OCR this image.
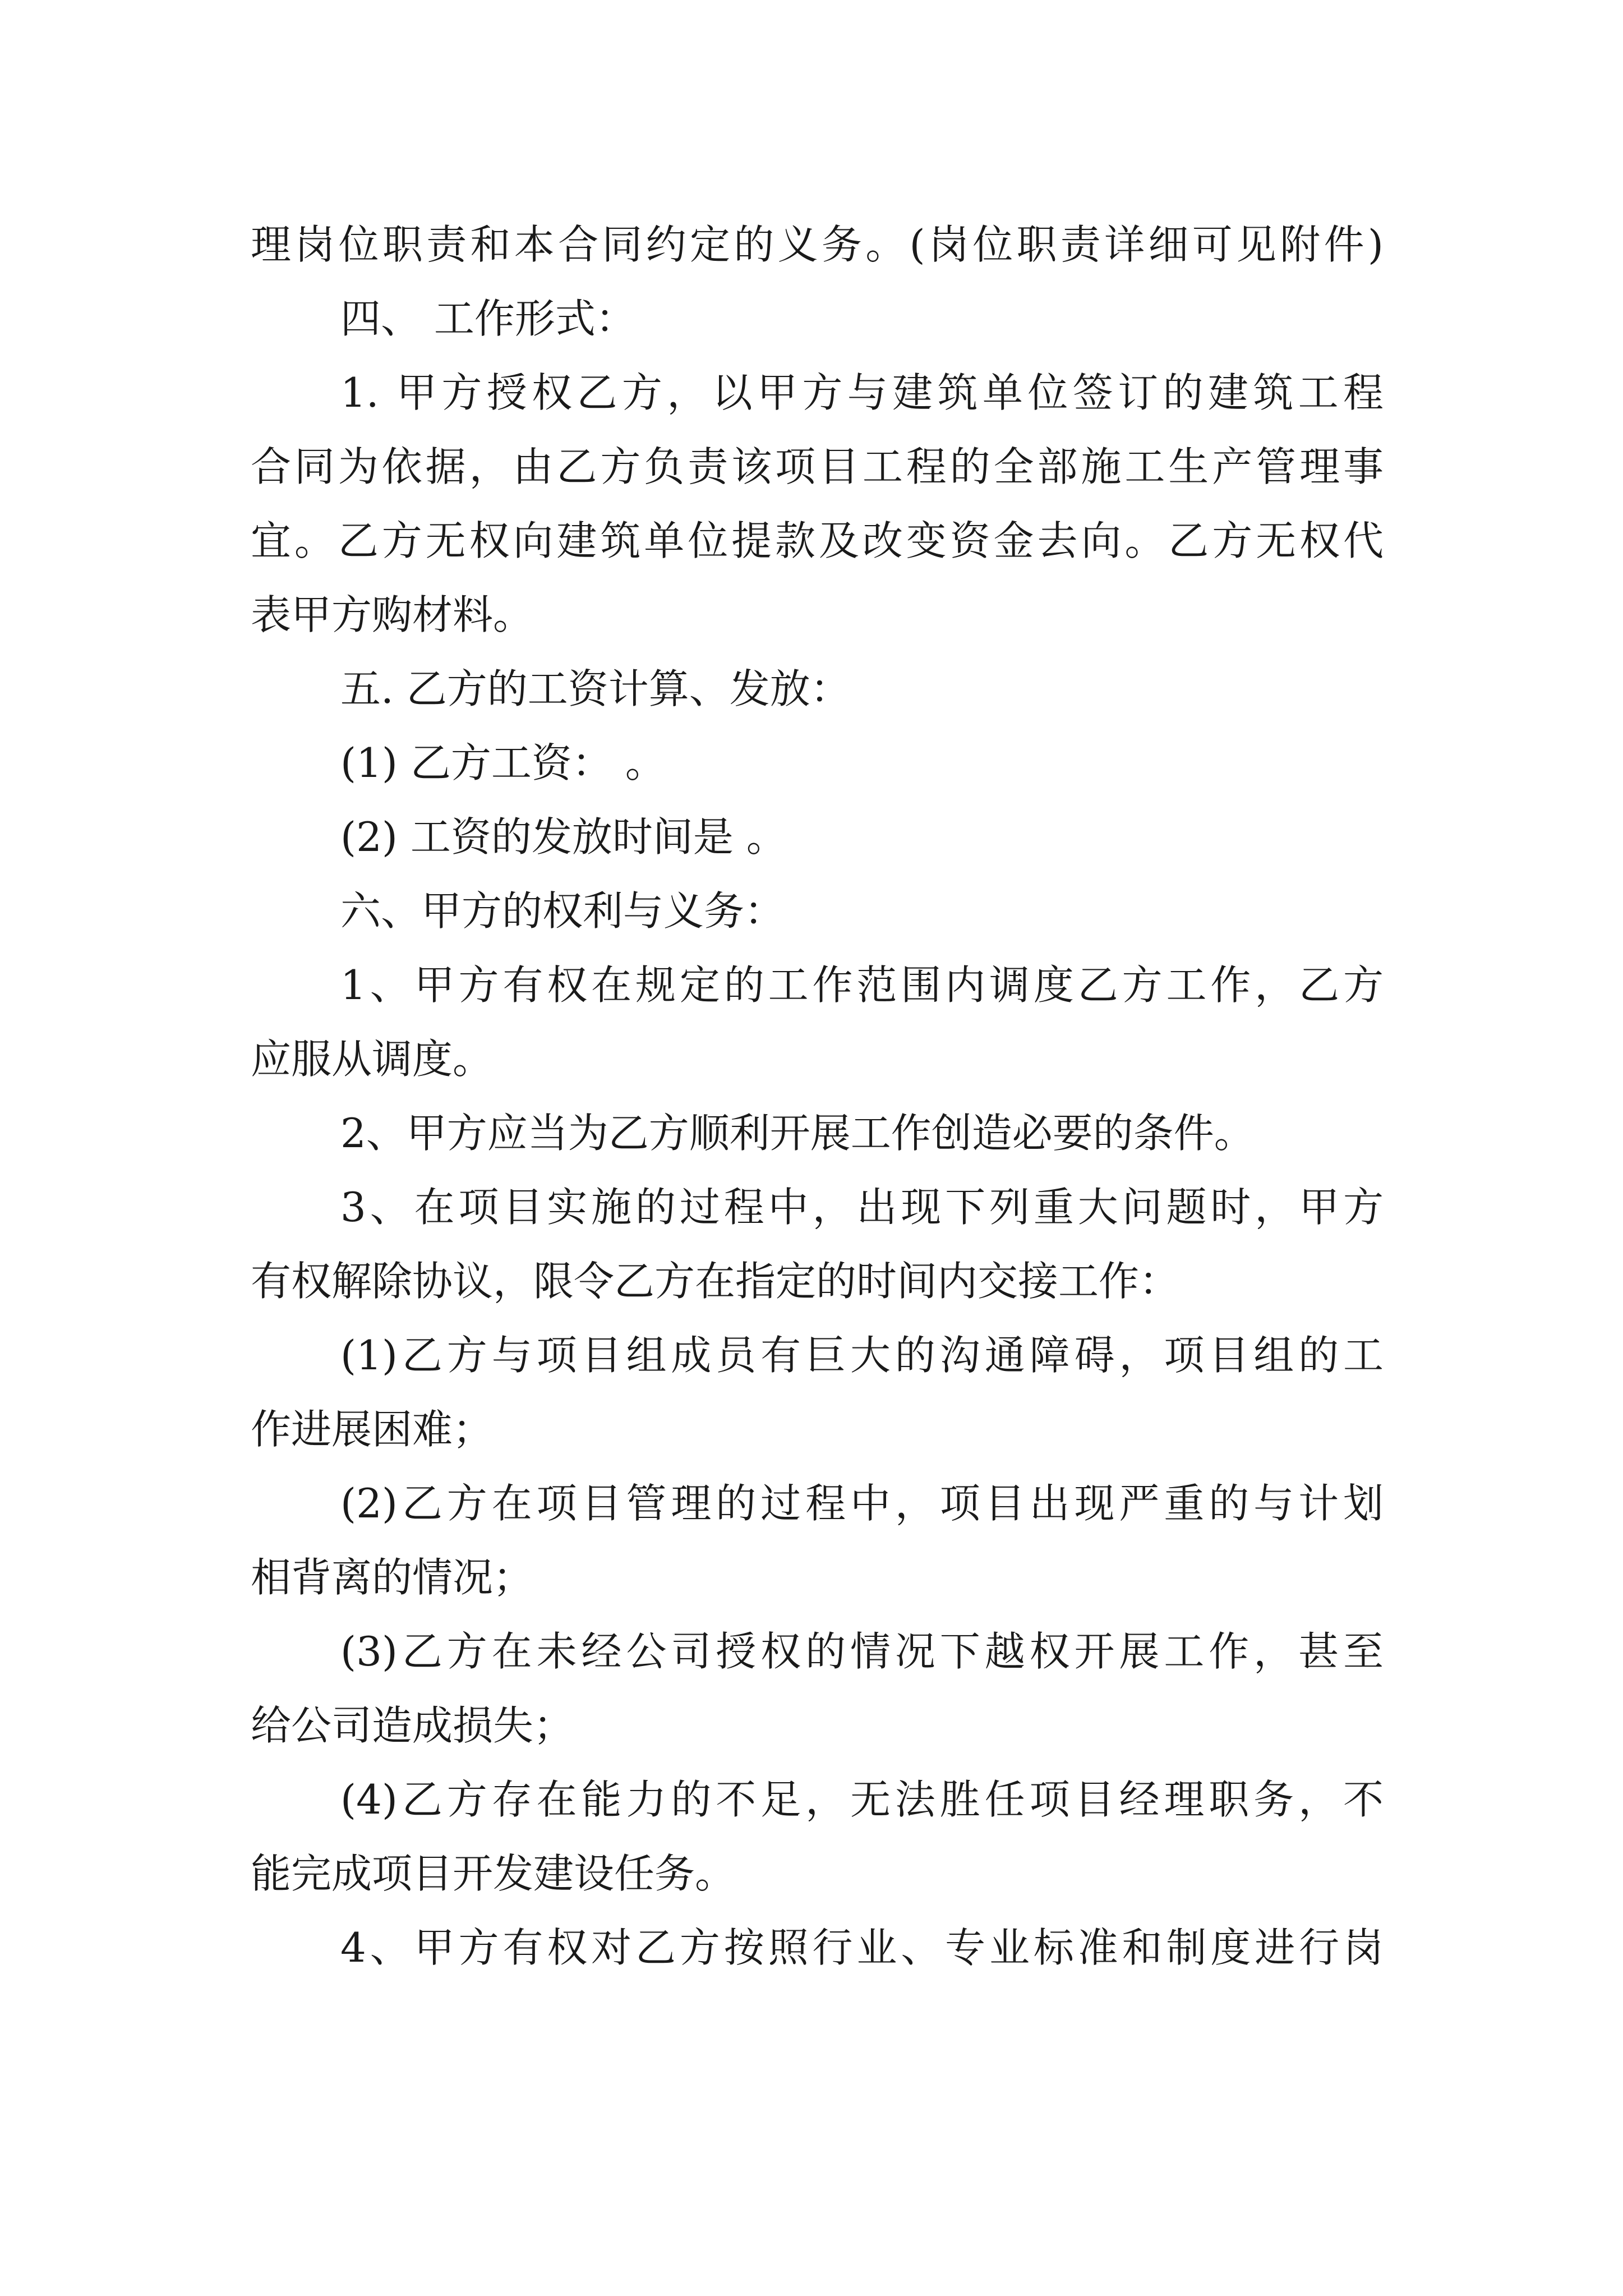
理岗位职责和本合同约定的义务。(岗位职责详细可见附件)
四、 工作形式：
1. 甲方授权乙方，以甲方与建筑单位签订的建筑工程
合同为依据，由乙方负责该项目工程的全部施工生产管理事
宜。乙方无权向建筑单位提款及改变资金去向。乙方无权代
表甲方购材料。
五. 乙方的工资计算、发放：
(1) 乙方工资： 。
(2) 工资的发放时间是 。
六、甲方的权利与义务：
1、甲方有权在规定的工作范围内调度乙方工作，乙方
应服从调度。
2、甲方应当为乙方顺利开展工作创造必要的条件。
3、在项目实施的过程中，出现下列重大问题时，甲方
有权解除协议，限令乙方在指定的时间内交接工作：
(1)乙方与项目组成员有巨大的沟通障碍，项目组的工
作进展困难；
(2)乙方在项目管理的过程中，项目出现严重的与计划
相背离的情况；
(3)乙方在未经公司授权的情况下越权开展工作，甚至
给公司造成损失；
(4)乙方存在能力的不足，无法胜任项目经理职务，不
能完成项目开发建设任务。
4、甲方有权对乙方按照行业、专业标准和制度进行岗
